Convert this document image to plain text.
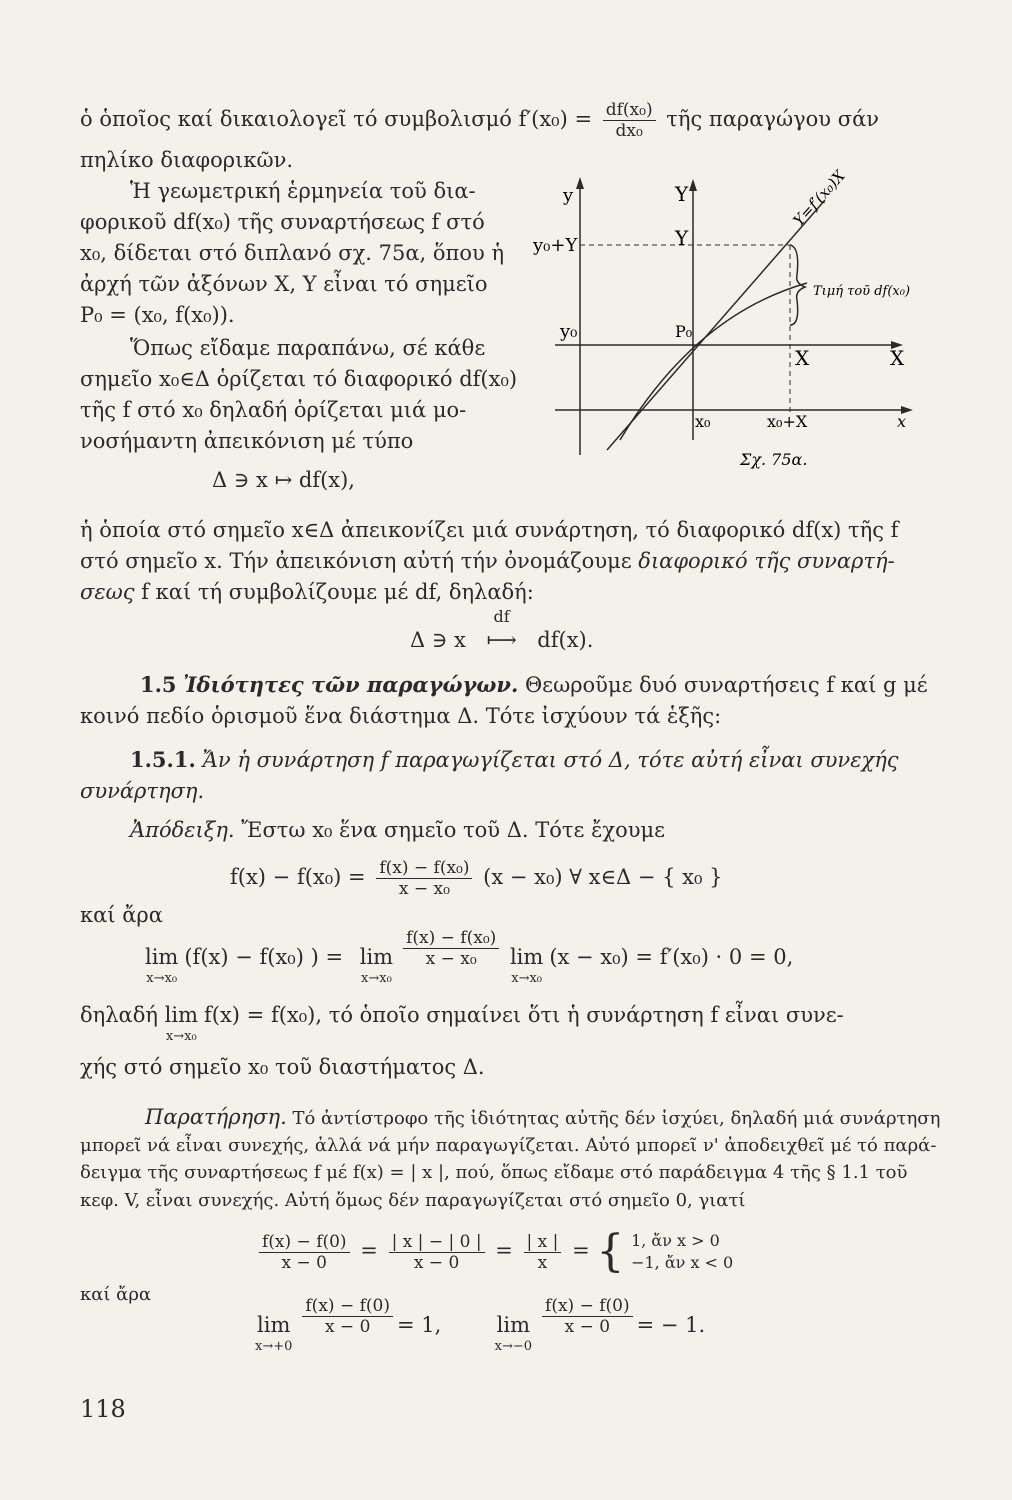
ὁ ὁποῖος καί δικαιολογεῖ τό συμβολισμό $f'(x_0) = \frac{\text{df(x₀)}}{\text{dx₀}}$ τῆς παραγώγου σάν
πηλίκο διαφορικῶν.
Ἡ γεωμετρική ἑρμηνεία τοῦ δια-
φορικοῦ df(x₀) τῆς συναρτήσεως f στό
x₀, δίδεται στό διπλανό σχ. 75α, ὅπου ἡ
ἀρχή τῶν ἀξόνων X, Y εἶναι τό σημεῖο
P₀ = (x₀, f(x₀)).
Ὅπως εἴδαμε παραπάνω, σέ κάθε
σημεῖο x₀∈Δ ὁρίζεται τό διαφορικό df(x₀)
τῆς f στό x₀ δηλαδή ὁρίζεται μιά μο-
νοσήμαντη ἀπεικόνιση μέ τύπο
Δ ∋ x ↦ df(x),
y	Y
Y
y₀+Y
y₀	P₀
X	X
x₀	x₀+X	x
Y=f′(x₀)X
Τιμή τοῦ df(x₀)
Σχ. 75α.
ἡ ὁποία στό σημεῖο x∈Δ ἀπεικονίζει μιά συνάρτηση, τό διαφορικό df(x) τῆς f
στό σημεῖο x. Τήν ἀπεικόνιση αὐτή τήν ὀνομάζουμε διαφορικό τῆς συναρτή-
σεως f καί τή συμβολίζουμε μέ df, δηλαδή:
Δ ∋ x
df
⟼ df(x).
1.5 Ἰδιότητες τῶν παραγώγων. Θεωροῦμε δυό συναρτήσεις f καί g μέ
κοινό πεδίο ὁρισμοῦ ἕνα διάστημα Δ. Τότε ἰσχύουν τά ἑξῆς:
1.5.1. Ἄν ἡ συνάρτηση f παραγωγίζεται στό Δ, τότε αὐτή εἶναι συνεχής
συνάρτηση.
Ἀπόδειξη. Ἔστω x₀ ἕνα σημεῖο τοῦ Δ. Τότε ἔχουμε
$f(x) - f(x_0) = \frac{\text{f(x) − f(x₀)}}{\text{x − x₀}} (x - x_0)$ ∀ x∈Δ − { x₀ }
καί ἄρα
lim
x→x₀
(f(x) − f(x₀) ) = lim
x→x₀
$\frac{\text{f(x) − f(x₀)}}{\text{x − x₀}}$ lim
x→x₀
(x − x₀) = f′(x₀) · 0 = 0,
δηλαδή lim
x→x₀
f(x) = f(x₀), τό ὁποῖο σημαίνει ὅτι ἡ συνάρτηση f εἶναι συνε-
χής στό σημεῖο x₀ τοῦ διαστήματος Δ.
Παρατήρηση. Τό ἀντίστροφο τῆς ἰδιότητας αὐτῆς δέν ἰσχύει, δηλαδή μιά συνάρτηση
μπορεῖ νά εἶναι συνεχής, ἀλλά νά μήν παραγωγίζεται. Αὐτό μπορεῖ ν' ἀποδειχθεῖ μέ τό παρά-
δειγμα τῆς συναρτήσεως f μέ f(x) = | x |, πού, ὅπως εἴδαμε στό παράδειγμα 4 τῆς § 1.1 τοῦ
κεφ. V, εἶναι συνεχής. Αὐτή ὅμως δέν παραγωγίζεται στό σημεῖο 0, γιατί
$\frac{f(x) - f(0)}{x - 0} = \frac{| x | - | 0 |}{x - 0} = \frac{| x |}{x}$ = { 1, ἄν x > 0
−1, ἄν x < 0
καί ἄρα
lim
x→+0
$\frac{f(x) - f(0)}{x - 0} = 1$,	lim
x→−0
$\frac{f(x) - f(0)}{x - 0}$ = − 1.
118
